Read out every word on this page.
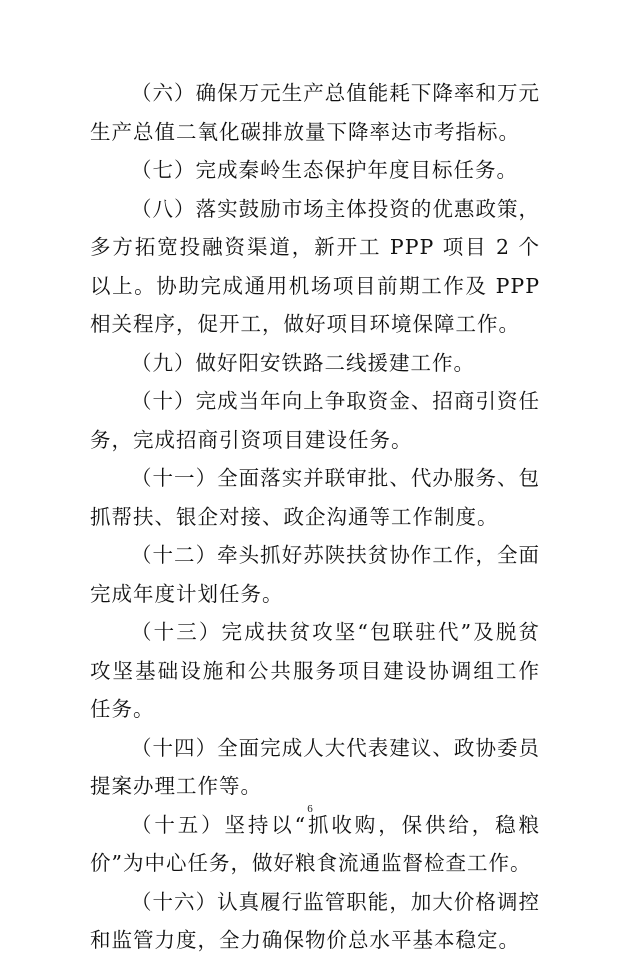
（六）确保万元生产总值能耗下降率和万元生产总值二氧化碳排放量下降率达市考指标。

（七）完成秦岭生态保护年度目标任务。

（八）落实鼓励市场主体投资的优惠政策，多方拓宽投融资渠道，新开工 PPP 项目 2 个以上。协助完成通用机场项目前期工作及 PPP 相关程序，促开工，做好项目环境保障工作。

（九）做好阳安铁路二线援建工作。

（十）完成当年向上争取资金、招商引资任务，完成招商引资项目建设任务。

（十一）全面落实并联审批、代办服务、包抓帮扶、银企对接、政企沟通等工作制度。

（十二）牵头抓好苏陕扶贫协作工作，全面完成年度计划任务。

（十三）完成扶贫攻坚“包联驻代”及脱贫攻坚基础设施和公共服务项目建设协调组工作任务。

（十四）全面完成人大代表建议、政协委员提案办理工作等。

（十五）坚持以“抓收购，保供给，稳粮价”为中心任务，做好粮食流通监督检查工作。

（十六）认真履行监管职能，加大价格调控和监管力度，全力确保物价总水平基本稳定。

6
